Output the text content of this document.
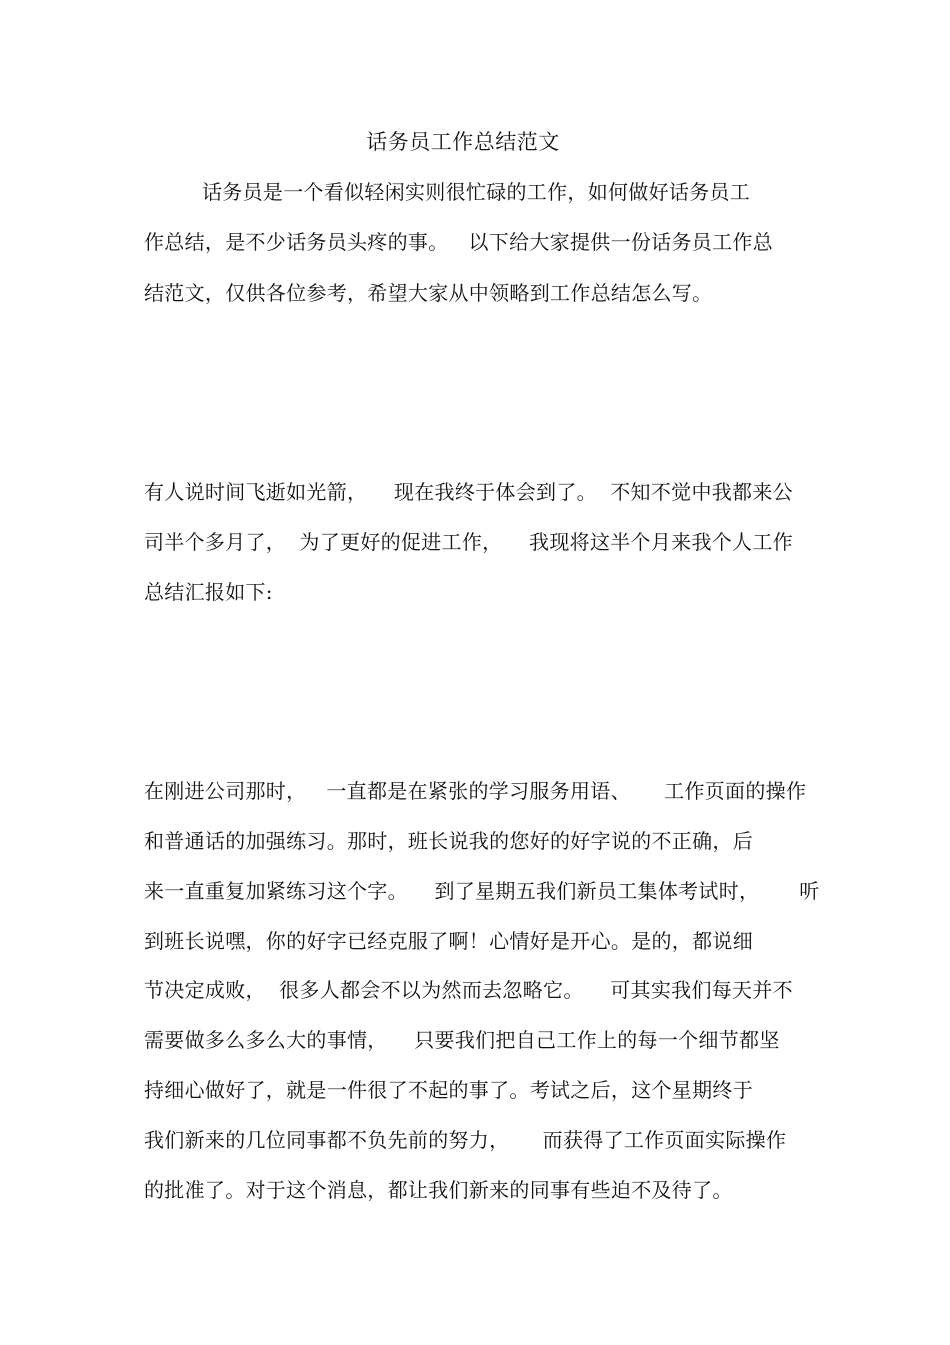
话务员工作总结范文
话务员是一个看似轻闲实则很忙碌的工作，如何做好话务员工
作总结，是不少话务员头疼的事。   以下给大家提供一份话务员工作总
结范文，仅供各位参考，希望大家从中领略到工作总结怎么写。
有人说时间飞逝如光箭，    现在我终于体会到了。  不知不觉中我都来公
司半个多月了，  为了更好的促进工作，    我现将这半个月来我个人工作
总结汇报如下:
在刚进公司那时，   一直都是在紧张的学习服务用语、     工作页面的操作
和普通话的加强练习。那时，班长说我的您好的好字说的不正确，后
来一直重复加紧练习这个字。    到了星期五我们新员工集体考试时，      听
到班长说嘿，你的好字已经克服了啊！心情好是开心。是的，都说细
节决定成败，  很多人都会不以为然而去忽略它。    可其实我们每天并不
需要做多么多么大的事情，    只要我们把自己工作上的每一个细节都坚
持细心做好了，就是一件很了不起的事了。考试之后，这个星期终于
我们新来的几位同事都不负先前的努力，     而获得了工作页面实际操作
的批准了。对于这个消息，都让我们新来的同事有些迫不及待了。
